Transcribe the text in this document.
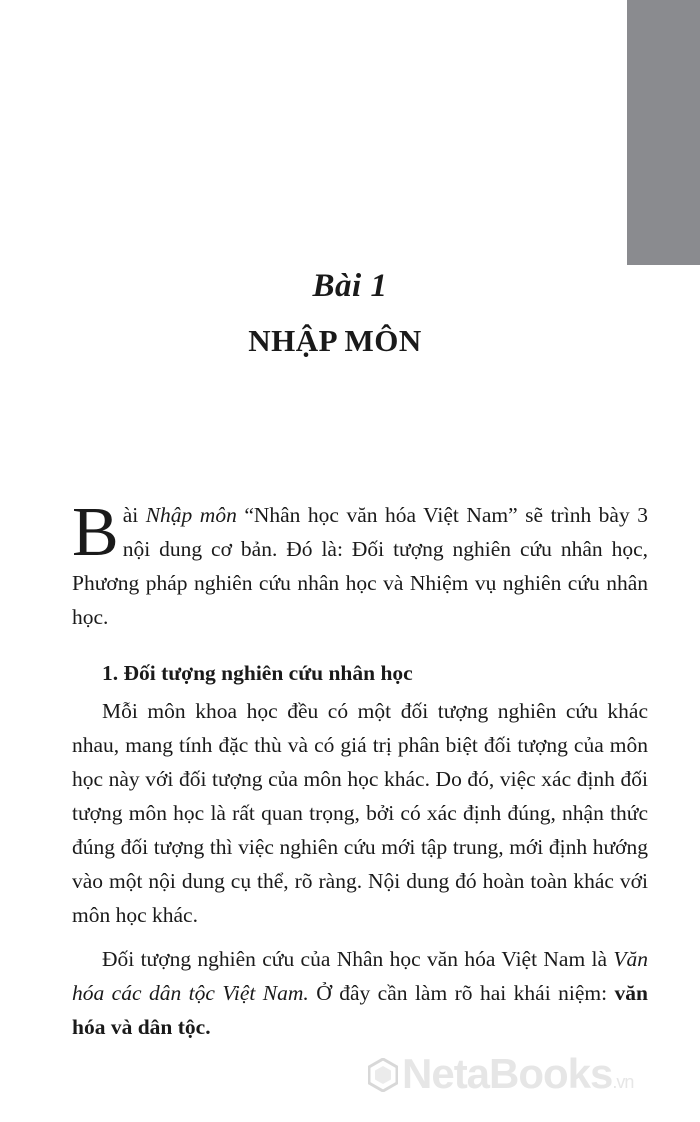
Bài 1
NHẬP MÔN

Bài Nhập môn “Nhân học văn hóa Việt Nam” sẽ trình bày 3 nội dung cơ bản. Đó là: Đối tượng nghiên cứu nhân học, Phương pháp nghiên cứu nhân học và Nhiệm vụ nghiên cứu nhân học.

1. Đối tượng nghiên cứu nhân học

Mỗi môn khoa học đều có một đối tượng nghiên cứu khác nhau, mang tính đặc thù và có giá trị phân biệt đối tượng của môn học này với đối tượng của môn học khác. Do đó, việc xác định đối tượng môn học là rất quan trọng, bởi có xác định đúng, nhận thức đúng đối tượng thì việc nghiên cứu mới tập trung, mới định hướng vào một nội dung cụ thể, rõ ràng. Nội dung đó hoàn toàn khác với môn học khác.

Đối tượng nghiên cứu của Nhân học văn hóa Việt Nam là Văn hóa các dân tộc Việt Nam. Ở đây cần làm rõ hai khái niệm: văn hóa và dân tộc.

NetaBooks.vn
